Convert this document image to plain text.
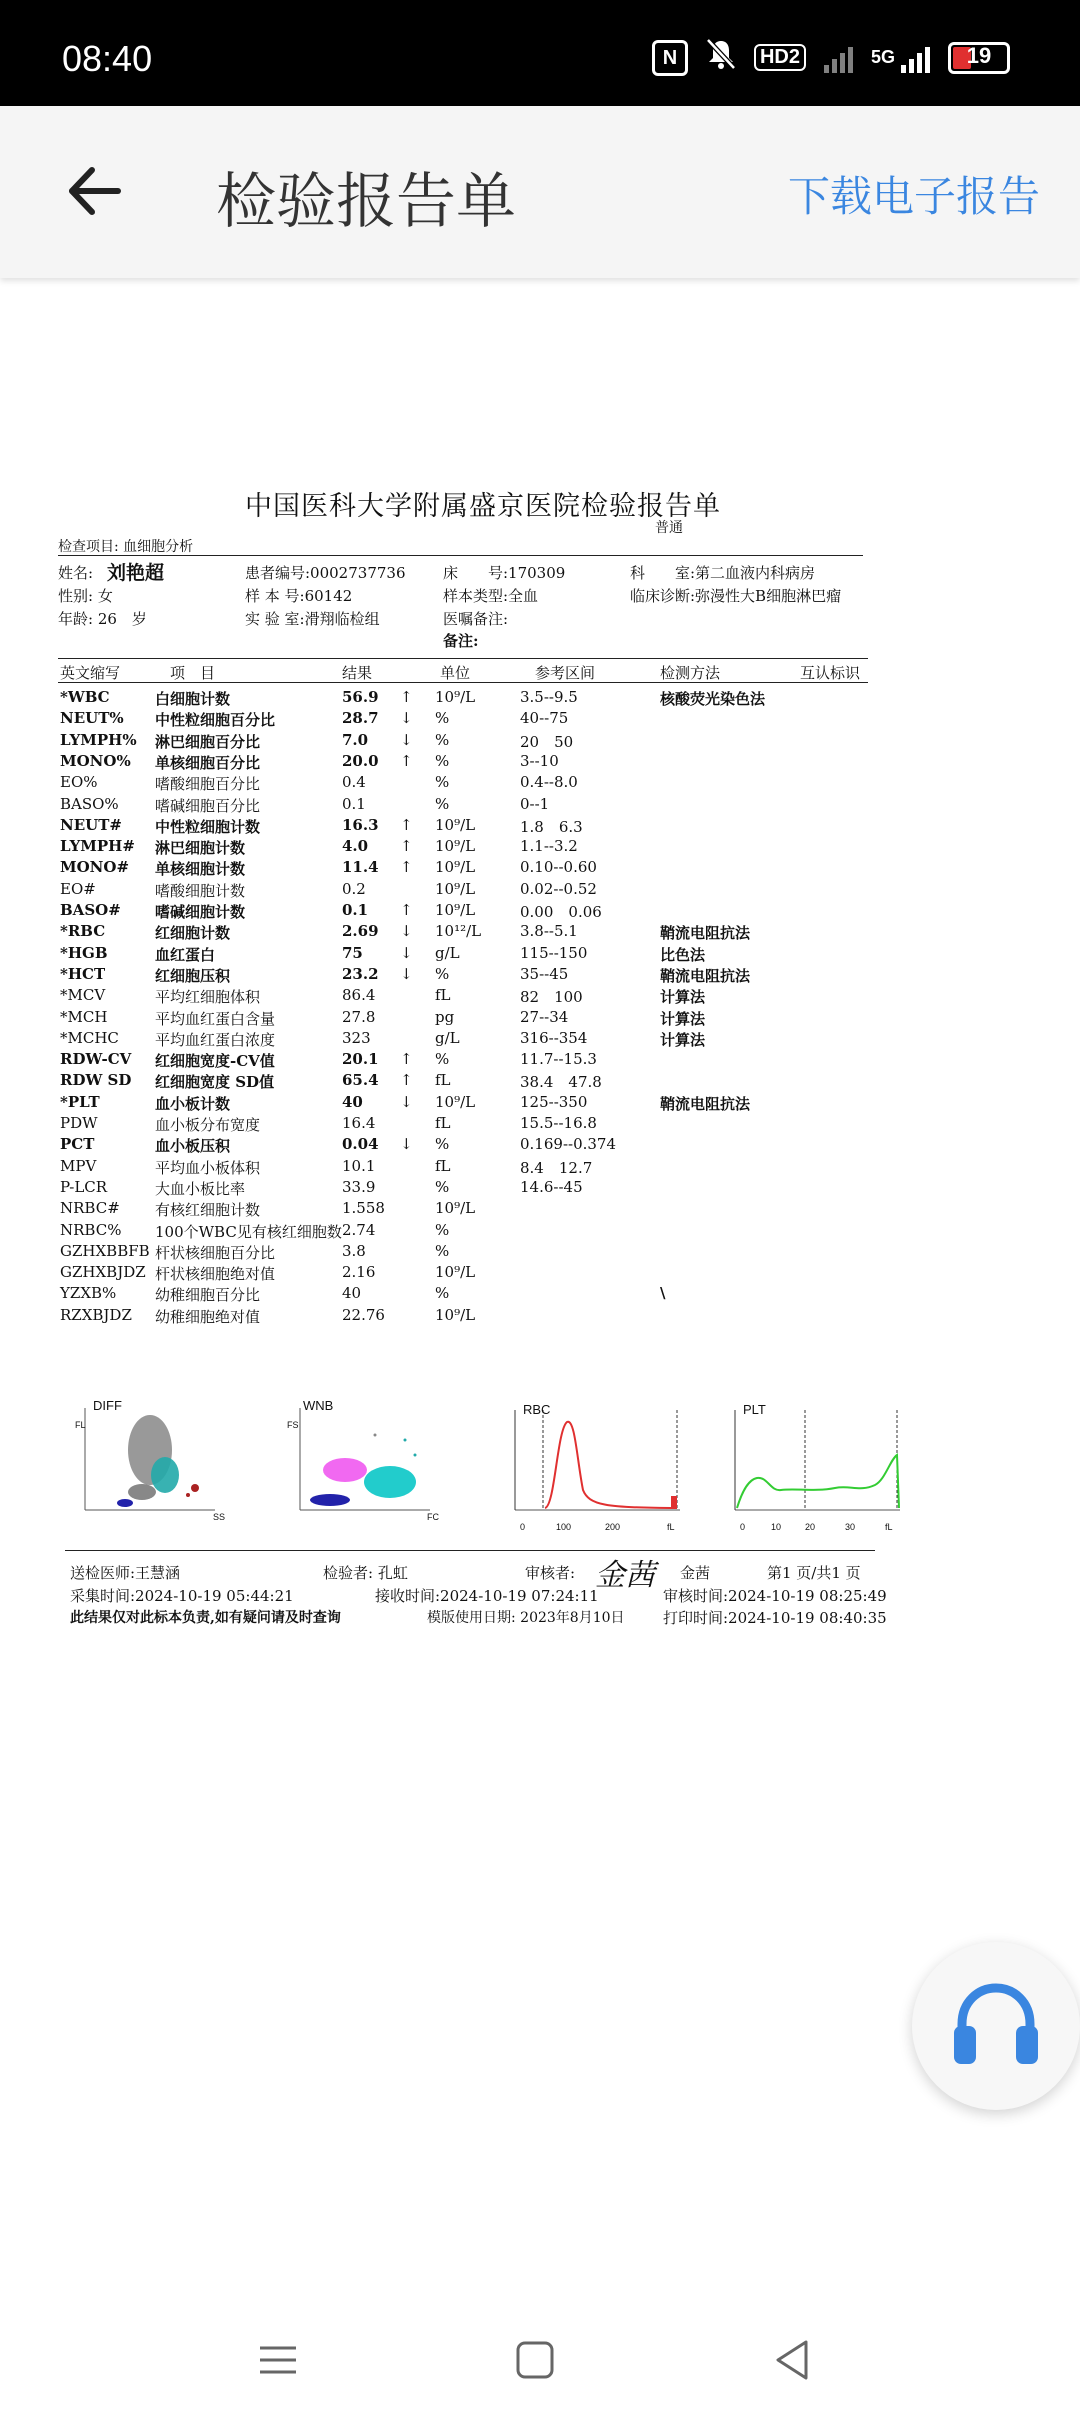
08:40	N	HD2	5G	19
检验报告单	下载电子报告
中国医科大学附属盛京医院检验报告单
普通
检查项目: 血细胞分析
姓名: 刘艳超
性别: 女
年龄: 26　岁
患者编号:0002737736
样 本 号:60142
实 验 室:滑翔临检组
床　　号:170309
样本类型:全血
医嘱备注:
备注:
科　　室:第二血液内科病房
临床诊断:弥漫性大B细胞淋巴瘤
英文缩写	项　目	结果	单位	参考区间	检测方法	互认标识
*WBC	白细胞计数	56.9 ↑ 10⁹/L	3.5--9.5	核酸荧光染色法
NEUT% 中性粒细胞百分比	28.7 ↓ %	40--75
LYMPH% 淋巴细胞百分比	7.0 ↓ %	20　50
MONO% 单核细胞百分比	20.0 ↑ %	3--10
EO%	嗜酸细胞百分比	0.4	%	0.4--8.0
BASO% 嗜碱细胞百分比	0.1	%	0--1
NEUT# 中性粒细胞计数	16.3 ↑ 10⁹/L	1.8　6.3
LYMPH# 淋巴细胞计数	4.0 ↑ 10⁹/L	1.1--3.2
MONO# 单核细胞计数	11.4 ↑ 10⁹/L	0.10--0.60
EO#	嗜酸细胞计数	0.2	10⁹/L	0.02--0.52
BASO# 嗜碱细胞计数	0.1 ↑ 10⁹/L	0.00　0.06
*RBC	红细胞计数	2.69 ↓ 10¹²/L	3.8--5.1	鞘流电阻抗法
*HGB	血红蛋白	75 ↓ g/L	115--150	比色法
*HCT	红细胞压积	23.2 ↓ %	35--45	鞘流电阻抗法
*MCV	平均红细胞体积	86.4	fL	82　100	计算法
*MCH	平均血红蛋白含量	27.8	pg	27--34	计算法
*MCHC 平均血红蛋白浓度	323	g/L	316--354	计算法
RDW-CV 红细胞宽度-CV值	20.1 ↑ %	11.7--15.3
RDW SD 红细胞宽度 SD值	65.4 ↑ fL	38.4　47.8
*PLT	血小板计数	40 ↓ 10⁹/L	125--350	鞘流电阻抗法
PDW	血小板分布宽度	16.4	fL	15.5--16.8
PCT	血小板压积	0.04 ↓ %	0.169--0.374
MPV	平均血小板体积	10.1	fL	8.4　12.7
P-LCR	大血小板比率	33.9	%	14.6--45
NRBC# 有核红细胞计数	1.558	10⁹/L
NRBC% 100个WBC见有核红细胞数 2.74	%
GZHXBBFB 杆状核细胞百分比	3.8	%
GZHXBJDZ 杆状核细胞绝对值	2.16	10⁹/L
YZXB%	幼稚细胞百分比	40	%	\
RZXBJDZ 幼稚细胞绝对值	22.76	10⁹/L
DIFF
FL
SS
WNB
FS
FC
RBC
0	100	200	fL
PLT
0	10	20	30	fL
送检医师:王慧涵	检验者: 孔虹	审核者: 金茜 金茜	第1 页/共1 页
采集时间:2024-10-19 05:44:21	接收时间:2024-10-19 07:24:11	审核时间:2024-10-19 08:25:49
此结果仅对此标本负责,如有疑问请及时查询	模版使用日期: 2023年8月10日	打印时间:2024-10-19 08:40:35
